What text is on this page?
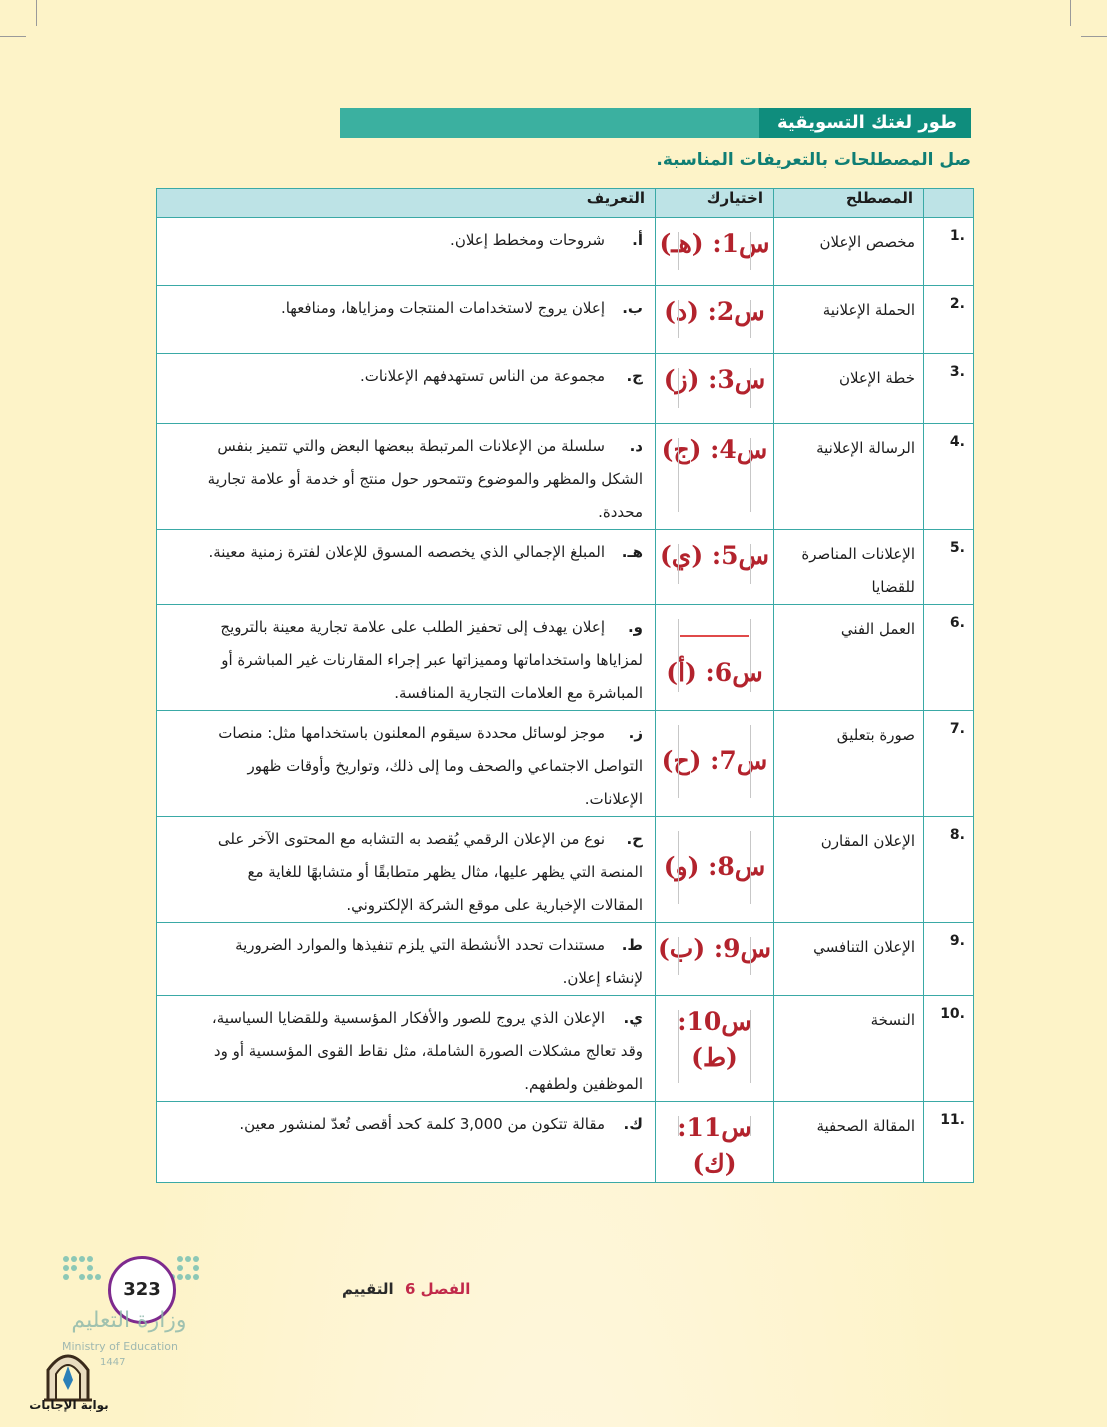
طور لغتك التسويقية
صل المصطلحات بالتعريفات المناسبة.
	المصطلح	اختيارك	التعريف
.1	مخصص الإعلان	س1: (هـ)	أ.شروحات ومخطط إعلان.
.2	الحملة الإعلانية	س2: (د)	ب.إعلان يروج لاستخدامات المنتجات ومزاياها، ومنافعها.
.3	خطة الإعلان	س3: (ز)	ج.مجموعة من الناس تستهدفهم الإعلانات.
.4	الرسالة الإعلانية	س4: (ج)	د.سلسلة من الإعلانات المرتبطة ببعضها البعض والتي تتميز بنفس الشكل والمظهر والموضوع وتتمحور حول منتج أو خدمة أو علامة تجارية محددة.
.5	الإعلانات المناصرة للقضايا	س5: (ي)	هـ.المبلغ الإجمالي الذي يخصصه المسوق للإعلان لفترة زمنية معينة.
.6	العمل الفني	س6: (أ)	و.إعلان يهدف إلى تحفيز الطلب على علامة تجارية معينة بالترويج لمزاياها واستخداماتها ومميزاتها عبر إجراء المقارنات غير المباشرة أو المباشرة مع العلامات التجارية المنافسة.
.7	صورة بتعليق	س7: (ح)	ز.موجز لوسائل محددة سيقوم المعلنون باستخدامها مثل: منصات التواصل الاجتماعي والصحف وما إلى ذلك، وتواريخ وأوقات ظهور الإعلانات.
.8	الإعلان المقارن	س8: (و)	ح.نوع من الإعلان الرقمي يُقصد به التشابه مع المحتوى الآخر على المنصة التي يظهر عليها، مثال يظهر متطابقًا أو متشابهًا للغاية مع المقالات الإخبارية على موقع الشركة الإلكتروني.
.9	الإعلان التنافسي	س9: (ب)	ط.مستندات تحدد الأنشطة التي يلزم تنفيذها والموارد الضرورية لإنشاء إعلان.
.10	النسخة	س10: (ط)	ي.الإعلان الذي يروج للصور والأفكار المؤسسية وللقضايا السياسية، وقد تعالج مشكلات الصورة الشاملة، مثل نقاط القوى المؤسسية أو ود الموظفين ولطفهم.
.11	المقالة الصحفية	س11: (ك)	ك.مقالة تتكون من 3,000 كلمة كحد أقصى تُعدّ لمنشور معين.
الفصل 6 التقييم
323
وزارة التعليم
Ministry of Education
1447
بوابة الإجابات
